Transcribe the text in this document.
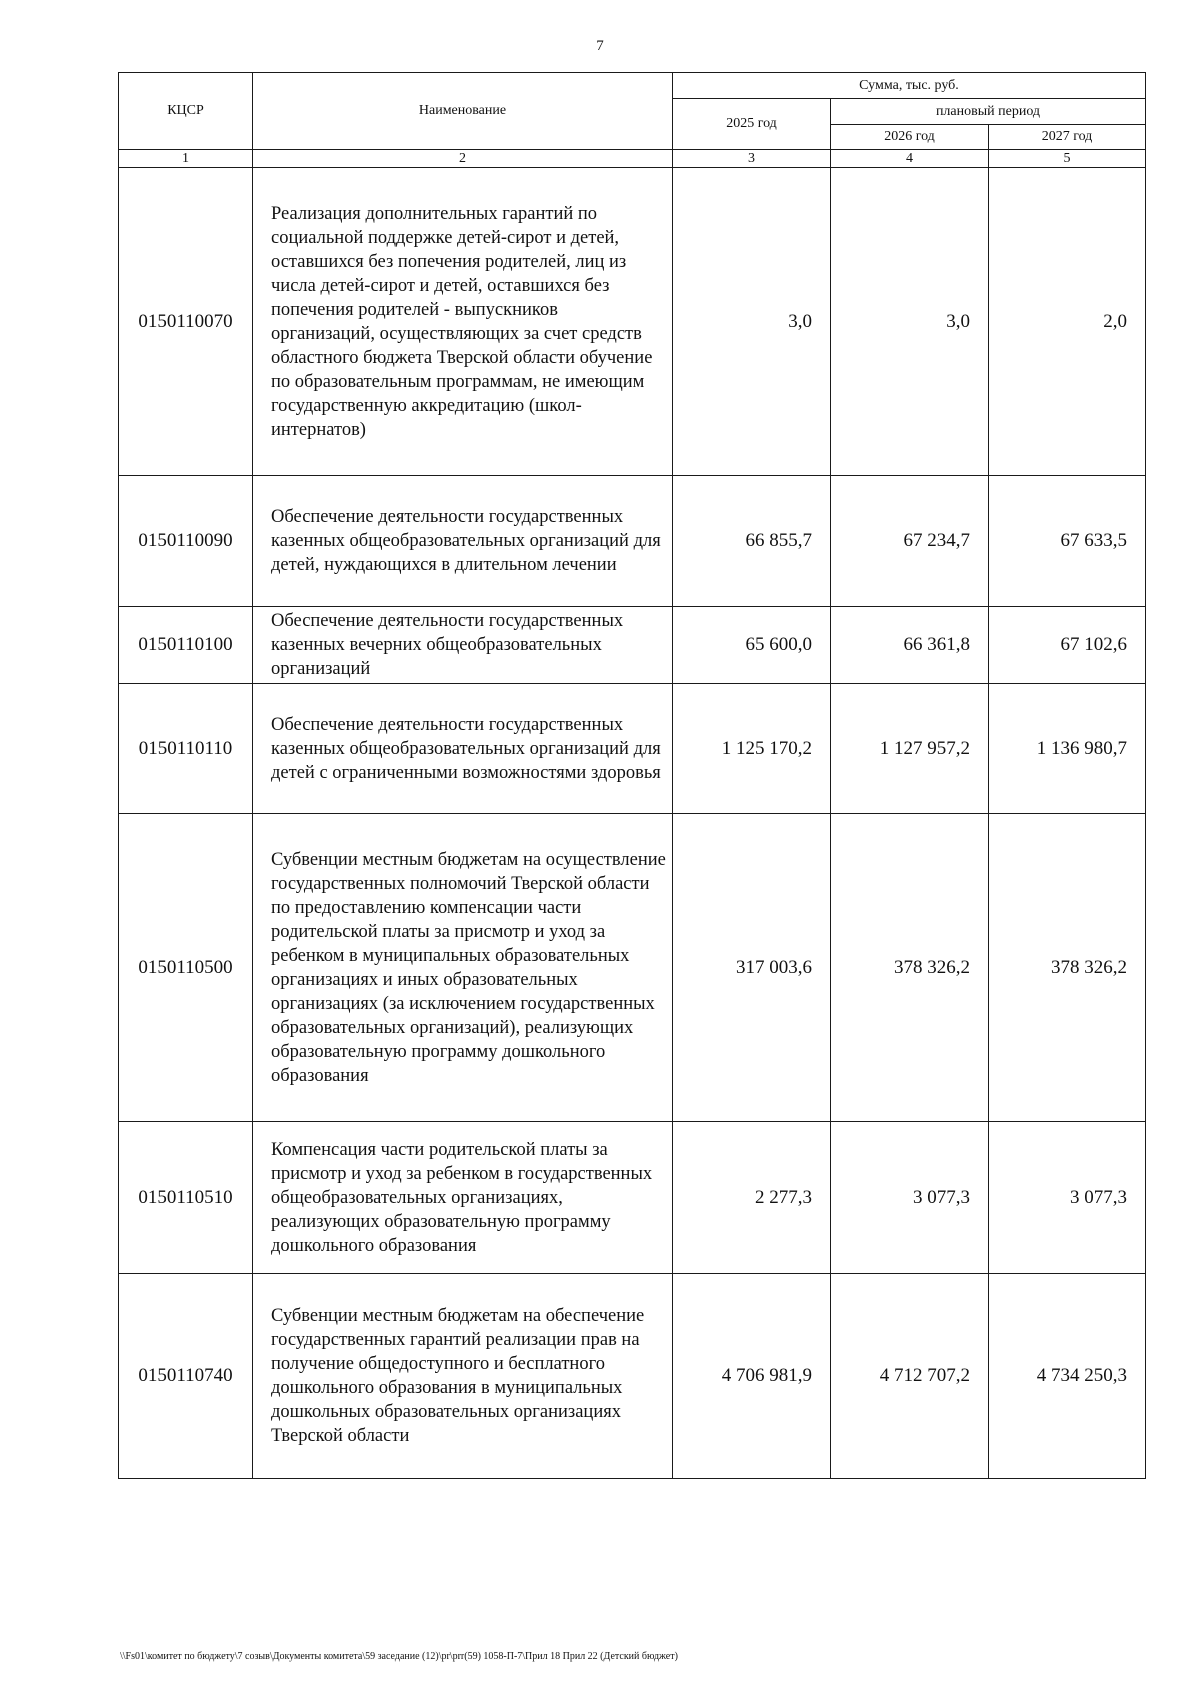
7
КЦСР	Наименование	Сумма, тыс. руб.		
		2025 год	плановый период	
			2026 год	2027 год
1	2	3	4	5
0150110070	Реализация дополнительных гарантий по социальной поддержке детей-сирот и детей, оставшихся без попечения родителей, лиц из числа детей-сирот и детей, оставшихся без попечения родителей - выпускников организаций, осуществляющих за счет средств областного бюджета Тверской области обучение по образовательным программам, не имеющим государственную аккредитацию (школ-интернатов)	3,0	3,0	2,0
0150110090	Обеспечение деятельности государственных казенных общеобразовательных организаций для детей, нуждающихся в длительном лечении	66 855,7	67 234,7	67 633,5
0150110100	Обеспечение деятельности государственных казенных вечерних общеобразовательных организаций	65 600,0	66 361,8	67 102,6
0150110110	Обеспечение деятельности государственных казенных общеобразовательных организаций для детей с ограниченными возможностями здоровья	1 125 170,2	1 127 957,2	1 136 980,7
0150110500	Субвенции местным бюджетам на осуществление государственных полномочий Тверской области по предоставлению компенсации части родительской платы за присмотр и уход за ребенком в муниципальных образовательных организациях и иных образовательных организациях (за исключением государственных образовательных организаций), реализующих образовательную программу дошкольного образования	317 003,6	378 326,2	378 326,2
0150110510	Компенсация части родительской платы за присмотр и уход за ребенком в государственных общеобразовательных организациях, реализующих образовательную программу дошкольного образования	2 277,3	3 077,3	3 077,3
0150110740	Субвенции местным бюджетам на обеспечение государственных гарантий реализации прав на получение общедоступного и бесплатного дошкольного образования в муниципальных дошкольных образовательных организациях Тверской области	4 706 981,9	4 712 707,2	4 734 250,3
\\Fs01\комитет по бюджету\7 созыв\Документы комитета\59 заседание (12)\pr\prr(59) 1058-П-7\Прил 18 Прил 22 (Детский бюджет)
